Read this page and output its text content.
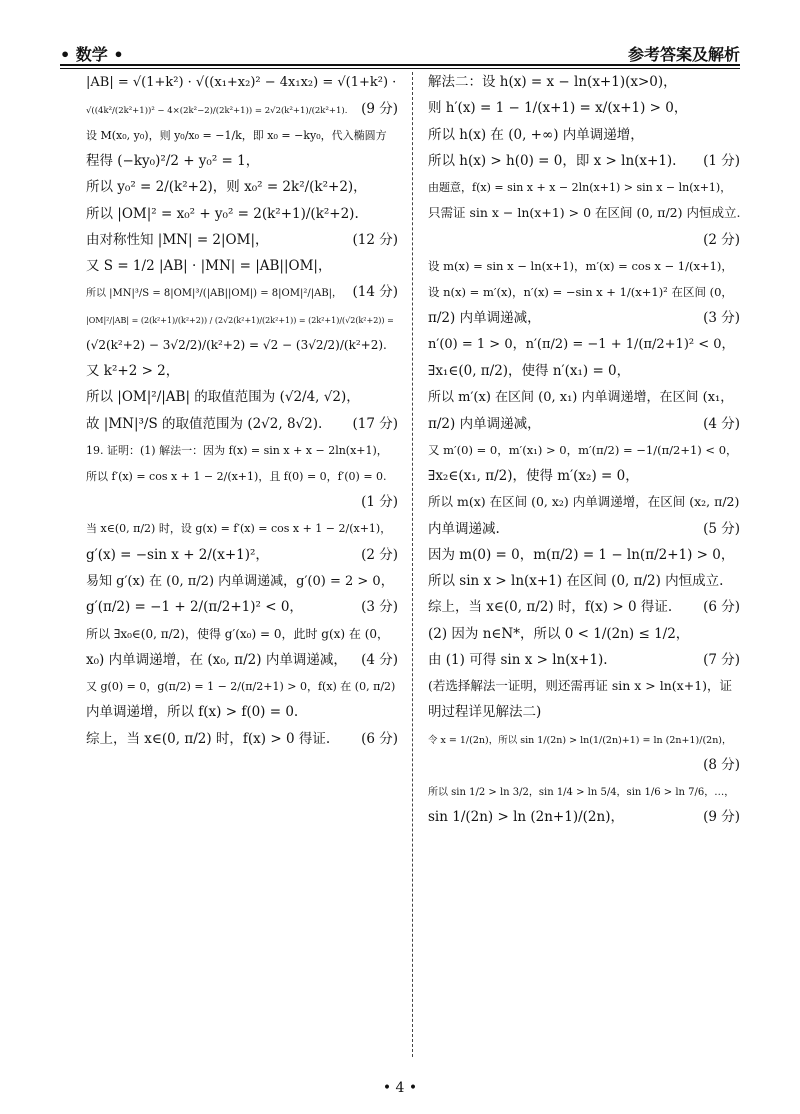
• 数学 •	参考答案及解析
|AB| = √(1+k²) · √((x₁+x₂)² − 4x₁x₂) = √(1+k²) ·
√((4k²/(2k²+1))² − 4×(2k²−2)/(2k²+1)) = 2√2(k²+1)/(2k²+1). (9 分)
设 M(x₀, y₀)，则 y₀/x₀ = −1/k，即 x₀ = −ky₀，代入椭圆方
程得 (−ky₀)²/2 + y₀² = 1，
所以 y₀² = 2/(k²+2)，则 x₀² = 2k²/(k²+2)，
所以 |OM|² = x₀² + y₀² = 2(k²+1)/(k²+2).
由对称性知 |MN| = 2|OM|，	(12 分)
又 S = 1/2 |AB| · |MN| = |AB||OM|，
所以 |MN|³/S = 8|OM|³/(|AB||OM|) = 8|OM|²/|AB|， (14 分)
|OM|²/|AB| = (2(k²+1)/(k²+2)) / (2√2(k²+1)/(2k²+1)) = (2k²+1)/(√2(k²+2)) =
(√2(k²+2) − 3√2/2)/(k²+2) = √2 − (3√2/2)/(k²+2).
又 k²+2 > 2，
所以 |OM|²/|AB| 的取值范围为 (√2/4, √2)，
故 |MN|³/S 的取值范围为 (2√2, 8√2). (17 分)
19. 证明：(1) 解法一：因为 f(x) = sin x + x − 2ln(x+1)，
所以 f′(x) = cos x + 1 − 2/(x+1)，且 f(0) = 0，f′(0) = 0.
(1 分)
当 x∈(0, π/2) 时，设 g(x) = f′(x) = cos x + 1 − 2/(x+1)，
g′(x) = −sin x + 2/(x+1)²，	(2 分)
易知 g′(x) 在 (0, π/2) 内单调递减，g′(0) = 2 > 0，
g′(π/2) = −1 + 2/(π/2+1)² < 0，	(3 分)
所以 ∃x₀∈(0, π/2)，使得 g′(x₀) = 0，此时 g(x) 在 (0，
x₀) 内单调递增，在 (x₀, π/2) 内单调递减， (4 分)
又 g(0) = 0，g(π/2) = 1 − 2/(π/2+1) > 0，f(x) 在 (0, π/2)
内单调递增，所以 f(x) > f(0) = 0.
综上，当 x∈(0, π/2) 时，f(x) > 0 得证. (6 分)
解法二：设 h(x) = x − ln(x+1)(x>0)，
则 h′(x) = 1 − 1/(x+1) = x/(x+1) > 0，
所以 h(x) 在 (0, +∞) 内单调递增，
所以 h(x) > h(0) = 0，即 x > ln(x+1). (1 分)
由题意，f(x) = sin x + x − 2ln(x+1) > sin x − ln(x+1)，
只需证 sin x − ln(x+1) > 0 在区间 (0, π/2) 内恒成立.
(2 分)
设 m(x) = sin x − ln(x+1)，m′(x) = cos x − 1/(x+1)，
设 n(x) = m′(x)，n′(x) = −sin x + 1/(x+1)² 在区间 (0，
π/2) 内单调递减，	(3 分)
n′(0) = 1 > 0，n′(π/2) = −1 + 1/(π/2+1)² < 0，
∃x₁∈(0, π/2)，使得 n′(x₁) = 0，
所以 m′(x) 在区间 (0, x₁) 内单调递增，在区间 (x₁，
π/2) 内单调递减，	(4 分)
又 m′(0) = 0，m′(x₁) > 0，m′(π/2) = −1/(π/2+1) < 0，
∃x₂∈(x₁, π/2)，使得 m′(x₂) = 0，
所以 m(x) 在区间 (0, x₂) 内单调递增，在区间 (x₂, π/2)
内单调递减.	(5 分)
因为 m(0) = 0，m(π/2) = 1 − ln(π/2+1) > 0，
所以 sin x > ln(x+1) 在区间 (0, π/2) 内恒成立.
综上，当 x∈(0, π/2) 时，f(x) > 0 得证. (6 分)
(2) 因为 n∈N*，所以 0 < 1/(2n) ≤ 1/2，
由 (1) 可得 sin x > ln(x+1).	(7 分)
(若选择解法一证明，则还需再证 sin x > ln(x+1)，证
明过程详见解法二)
令 x = 1/(2n)，所以 sin 1/(2n) > ln(1/(2n)+1) = ln (2n+1)/(2n)，
(8 分)
所以 sin 1/2 > ln 3/2，sin 1/4 > ln 5/4，sin 1/6 > ln 7/6，…，
sin 1/(2n) > ln (2n+1)/(2n)，	(9 分)
• 4 •
